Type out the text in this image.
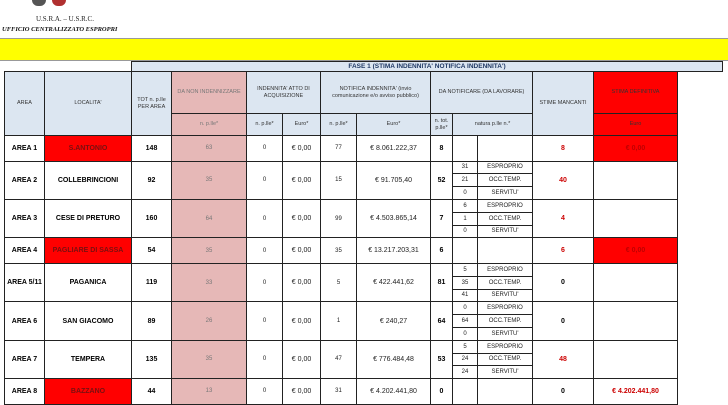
U.S.R.A. – U.S.R.C.
UFFICIO CENTRALIZZATO ESPROPRI
		FASE 1 (STIMA INDENNITA' NOTIFICA INDENNITA')										
AREA	LOCALITA'	TOT n. p.lle PER AREA	DA NON INDENNIZZARE	INDENNITA' ATTO DI ACQUISIZIONE		NOTIFICA INDENNITA' (invio comunicazione e/o avviso pubblico)		DA NOTIFICARE (DA LAVORARE)			STIME MANCANTI	STIMA DEFINITIVA
			n. p.lle*	n. p.lle*	Euro*	n. p.lle*	Euro*	n. tot. p.lle*	natura p.lle n.*			Euro
AREA 1	S.ANTONIO	148	63	0	€ 0,00	77	€ 8.061.222,37	8			8	€ 0,00

AREA 2	COLLEBRINCIONI	92	35	0	€ 0,00	15	€ 91.705,40	52	31	ESPROPRIO	40	
									21	OCC.TEMP.		
									0	SERVITU'		
AREA 3	CESE DI PRETURO	160	64	0	€ 0,00	99	€ 4.503.865,14	7	6	ESPROPRIO	4	
									1	OCC.TEMP.		
									0	SERVITU'		
AREA 4	PAGLIARE DI SASSA	54	35	0	€ 0,00	35	€ 13.217.203,31	6			6	€ 0,00

AREA 5/11	PAGANICA	119	33	0	€ 0,00	5	€ 422.441,62	81	5	ESPROPRIO	0	
									35	OCC.TEMP.		
									41	SERVITU'		
AREA 6	SAN GIACOMO	89	26	0	€ 0,00	1	€ 240,27	64	0	ESPROPRIO	0	
									64	OCC.TEMP.		
									0	SERVITU'		
AREA 7	TEMPERA	135	35	0	€ 0,00	47	€ 776.484,48	53	5	ESPROPRIO	48	
									24	OCC.TEMP.		
									24	SERVITU'		
AREA 8	BAZZANO	44	13	0	€ 0,00	31	€ 4.202.441,80	0			0	€ 4.202.441,80
